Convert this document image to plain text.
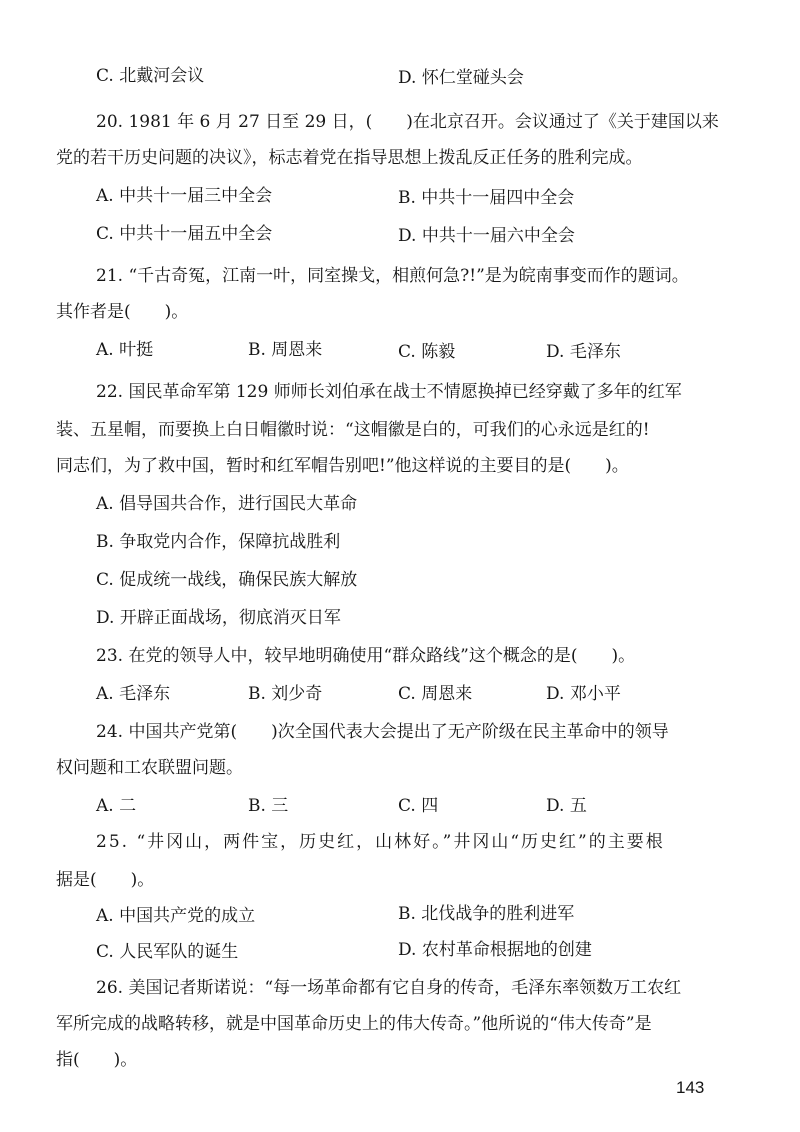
C. 北戴河会议	D. 怀仁堂碰头会
20. 1981 年 6 月 27 日至 29 日，(　　)在北京召开。会议通过了《关于建国以来
党的若干历史问题的决议》，标志着党在指导思想上拨乱反正任务的胜利完成。
A. 中共十一届三中全会	B. 中共十一届四中全会
C. 中共十一届五中全会	D. 中共十一届六中全会
21. “千古奇冤，江南一叶，同室操戈，相煎何急?!”是为皖南事变而作的题词。
其作者是(　　)。
A. 叶挺	B. 周恩来	C. 陈毅	D. 毛泽东
22. 国民革命军第 129 师师长刘伯承在战士不情愿换掉已经穿戴了多年的红军
装、五星帽，而要换上白日帽徽时说：“这帽徽是白的，可我们的心永远是红的!
同志们，为了救中国，暂时和红军帽告别吧!”他这样说的主要目的是(　　)。
A. 倡导国共合作，进行国民大革命
B. 争取党内合作，保障抗战胜利
C. 促成统一战线，确保民族大解放
D. 开辟正面战场，彻底消灭日军
23. 在党的领导人中，较早地明确使用“群众路线”这个概念的是(　　)。
A. 毛泽东	B. 刘少奇	C. 周恩来	D. 邓小平
24. 中国共产党第(　　)次全国代表大会提出了无产阶级在民主革命中的领导
权问题和工农联盟问题。
A. 二	B. 三	C. 四	D. 五
25. “井冈山，两件宝，历史红，山林好。”井冈山“历史红”的主要根
据是(　　)。
A. 中国共产党的成立	B. 北伐战争的胜利进军
C. 人民军队的诞生	D. 农村革命根据地的创建
26. 美国记者斯诺说：“每一场革命都有它自身的传奇，毛泽东率领数万工农红
军所完成的战略转移，就是中国革命历史上的伟大传奇。”他所说的“伟大传奇”是
指(　　)。
143
